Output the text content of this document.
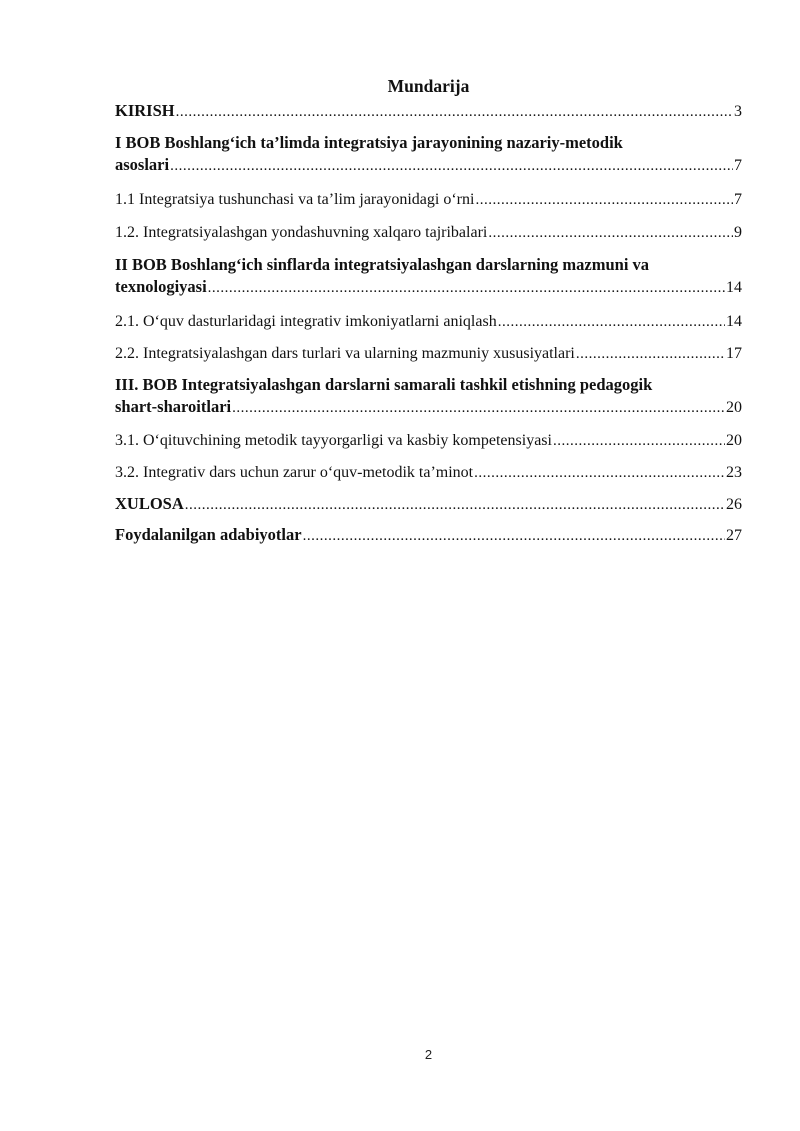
Mundarija
KIRISH .....	3
I BOB Boshlang‘ich ta’limda integratsiya jarayonining nazariy-metodik
asoslari .....	7
1.1 Integratsiya tushunchasi va ta’lim jarayonidagi o‘rni .....	7
1.2. Integratsiyalashgan yondashuvning xalqaro tajribalari .....	9
II BOB Boshlang‘ich sinflarda integratsiyalashgan darslarning mazmuni va
texnologiyasi .....	14
2.1. O‘quv dasturlaridagi integrativ imkoniyatlarni aniqlash .....	14
2.2. Integratsiyalashgan dars turlari va ularning mazmuniy xususiyatlari .....	17
III. BOB Integratsiyalashgan darslarni samarali tashkil etishning pedagogik
shart-sharoitlari .....	20
3.1. O‘qituvchining metodik tayyorgarligi va kasbiy kompetensiyasi .....	20
3.2. Integrativ dars uchun zarur o‘quv-metodik ta’minot .....	23
XULOSA .....	26
Foydalanilgan adabiyotlar .....	27
2
